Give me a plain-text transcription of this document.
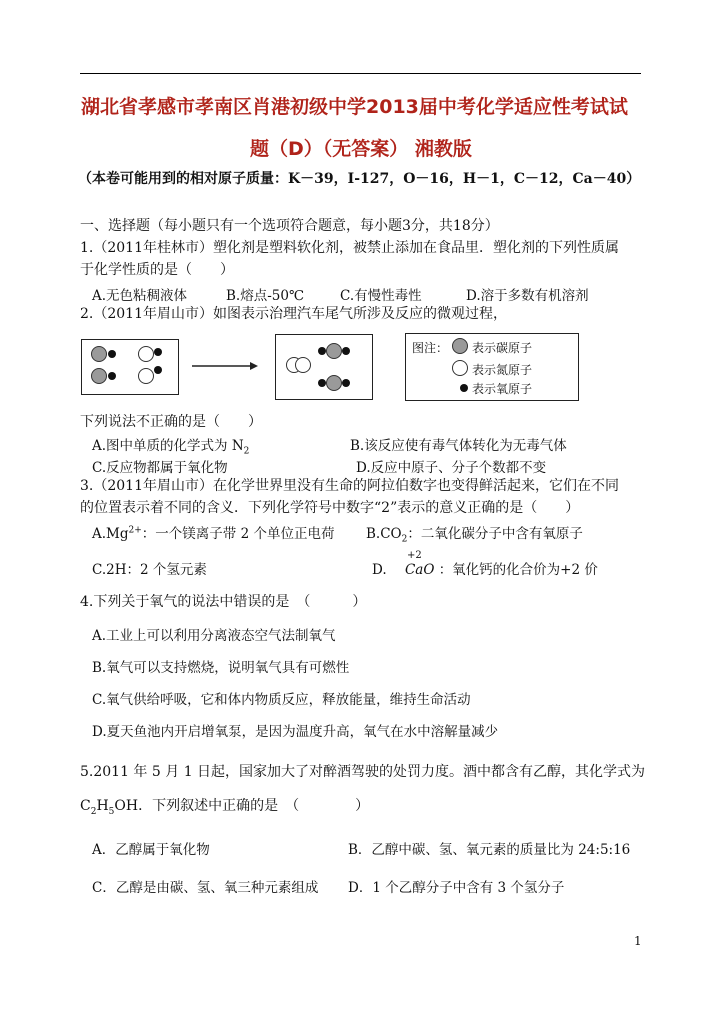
湖北省孝感市孝南区肖港初级中学2013届中考化学适应性考试试
题（D）（无答案） 湘教版
（本卷可能用到的相对原子质量：K－39，I-127，O－16，H－1，C－12，Ca－40）
一、选择题（每小题只有一个选项符合题意，每小题3分，共18分）
1.（2011年桂林市）塑化剂是塑料软化剂，被禁止添加在食品里．塑化剂的下列性质属
于化学性质的是（　　）
A.无色粘稠液体	B.熔点-50℃	C.有慢性毒性	D.溶于多数有机溶剂
2.（2011年眉山市）如图表示治理汽车尾气所涉及反应的微观过程，
图注： 表示碳原子
表示氮原子
表示氧原子
下列说法不正确的是（　　）
A.图中单质的化学式为 $N_2$	B.该反应使有毒气体转化为无毒气体
C.反应物都属于氧化物	D.反应中原子、分子个数都不变
3.（2011年眉山市）在化学世界里没有生命的阿拉伯数字也变得鲜活起来，它们在不同
的位置表示着不同的含义．下列化学符号中数字“2”表示的意义正确的是（　　）
$A.Mg^{2+}$：一个镁离子带 2 个单位正电荷 $B.CO_2$：二氧化碳分子中含有氧原子
C.2H：2 个氢元素	D.
+2
CaO ：氧化钙的化合价为+2 价
4.下列关于氧气的说法中错误的是　（　　　）
A.工业上可以利用分离液态空气法制氧气
B.氧气可以支持燃烧，说明氧气具有可燃性
C.氧气供给呼吸，它和体内物质反应，释放能量，维持生命活动
D.夏天鱼池内开启增氧泵，是因为温度升高，氧气在水中溶解量减少
5.2011 年 5 月 1 日起，国家加大了对醉酒驾驶的处罚力度。酒中都含有乙醇，其化学式为
$C_2H_5OH$．下列叙述中正确的是　（　　　　）
A．乙醇属于氧化物	B．乙醇中碳、氢、氧元素的质量比为 24:5:16
C．乙醇是由碳、氢、氧三种元素组成 D．1 个乙醇分子中含有 3 个氢分子
1
